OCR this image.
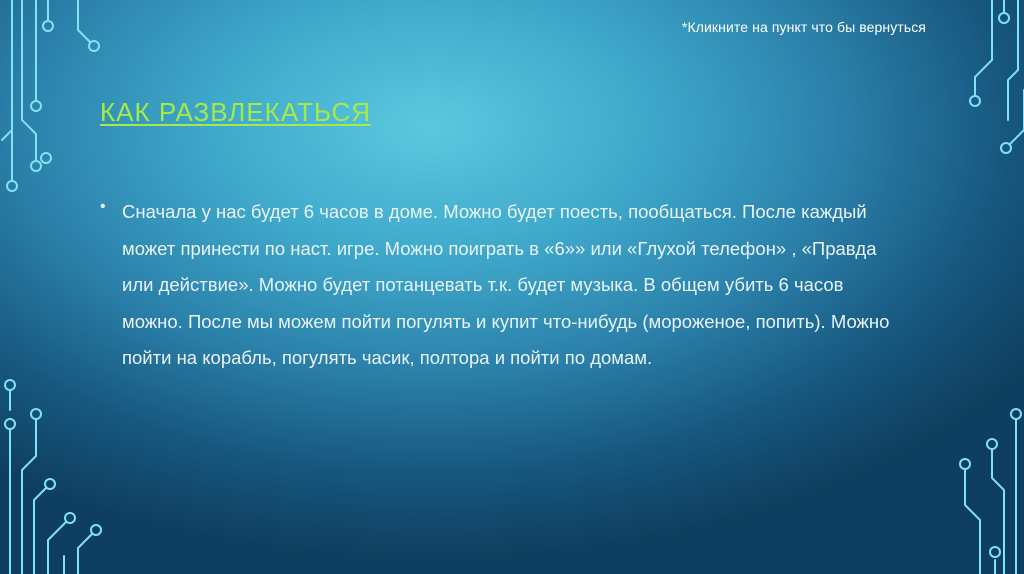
*Кликните на пункт что бы вернуться
КАК РАЗВЛЕКАТЬСЯ
• Сначала у нас будет 6 часов в доме. Можно будет поесть, пообщаться. После каждый может принести по наст. игре. Можно поиграть в «6»» или «Глухой телефон» , «Правда или действие». Можно будет потанцевать т.к. будет музыка. В общем убить 6 часов можно. После мы можем пойти погулять и купит что-нибудь (мороженое, попить). Можно пойти на корабль, погулять часик, полтора и пойти по домам.
